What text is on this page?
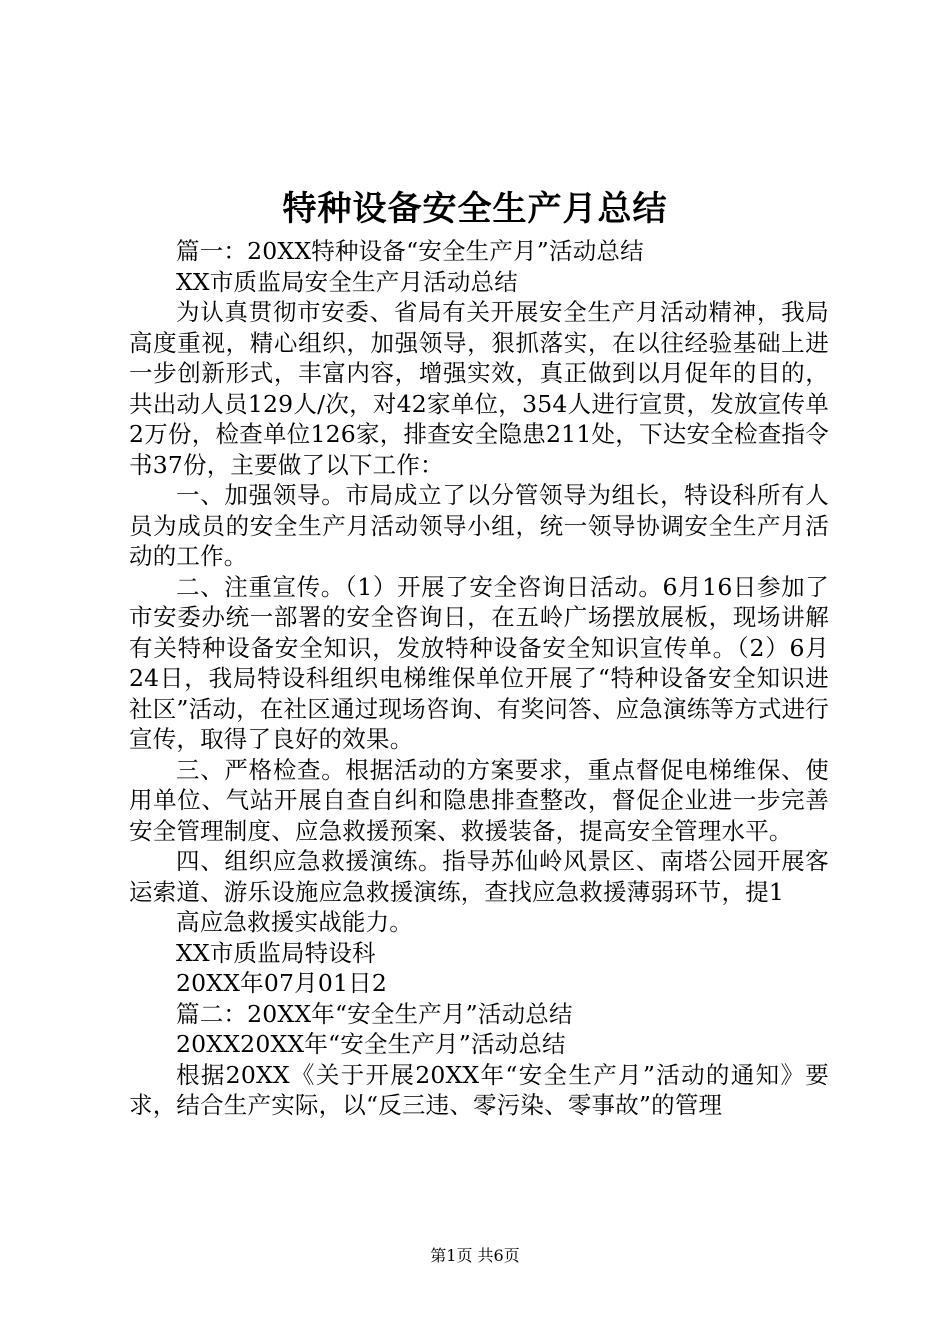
特种设备安全生产月总结

篇一：20XX特种设备“安全生产月”活动总结

XX市质监局安全生产月活动总结

为认真贯彻市安委、省局有关开展安全生产月活动精神，我局高度重视，精心组织，加强领导，狠抓落实，在以往经验基础上进一步创新形式，丰富内容，增强实效，真正做到以月促年的目的，共出动人员129人/次，对42家单位，354人进行宣贯，发放宣传单2万份，检查单位126家，排查安全隐患211处，下达安全检查指令书37份，主要做了以下工作：

一、加强领导。市局成立了以分管领导为组长，特设科所有人员为成员的安全生产月活动领导小组，统一领导协调安全生产月活动的工作。

二、注重宣传。（1）开展了安全咨询日活动。6月16日参加了市安委办统一部署的安全咨询日，在五岭广场摆放展板，现场讲解有关特种设备安全知识，发放特种设备安全知识宣传单。（2）6月24日，我局特设科组织电梯维保单位开展了“特种设备安全知识进社区”活动，在社区通过现场咨询、有奖问答、应急演练等方式进行宣传，取得了良好的效果。

三、严格检查。根据活动的方案要求，重点督促电梯维保、使用单位、气站开展自查自纠和隐患排查整改，督促企业进一步完善安全管理制度、应急救援预案、救援装备，提高安全管理水平。

四、组织应急救援演练。指导苏仙岭风景区、南塔公园开展客运索道、游乐设施应急救援演练，查找应急救援薄弱环节，提1

高应急救援实战能力。

XX市质监局特设科

20XX年07月01日2

篇二：20XX年“安全生产月”活动总结

20XX20XX年“安全生产月”活动总结

根据20XX《关于开展20XX年“安全生产月”活动的通知》要求，结合生产实际，以“反三违、零污染、零事故”的管理

第1页 共6页
